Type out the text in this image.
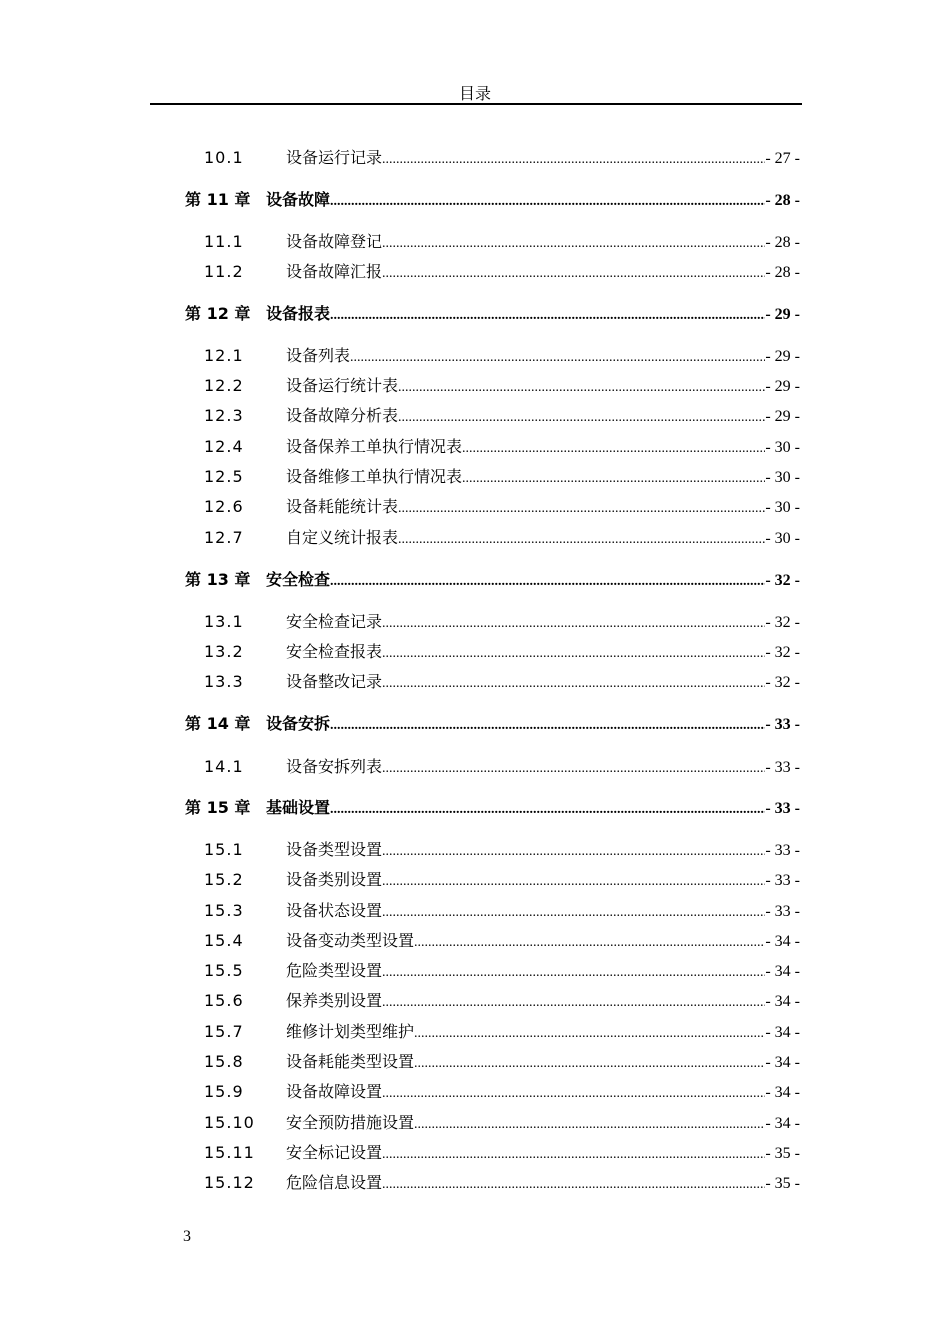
目录
10.1	设备运行记录 .....	- 27 -
第 11 章 设备故障 .....	- 28 -
11.1	设备故障登记 .....	- 28 -
11.2	设备故障汇报 .....	- 28 -
第 12 章 设备报表 .....	- 29 -
12.1	设备列表 .....	- 29 -
12.2	设备运行统计表 .....	- 29 -
12.3	设备故障分析表 .....	- 29 -
12.4	设备保养工单执行情况表 .....	- 30 -
12.5	设备维修工单执行情况表 .....	- 30 -
12.6	设备耗能统计表 .....	- 30 -
12.7	自定义统计报表 .....	- 30 -
第 13 章 安全检查 .....	- 32 -
13.1	安全检查记录 .....	- 32 -
13.2	安全检查报表 .....	- 32 -
13.3	设备整改记录 .....	- 32 -
第 14 章 设备安拆 .....	- 33 -
14.1	设备安拆列表 .....	- 33 -
第 15 章 基础设置 .....	- 33 -
15.1	设备类型设置 .....	- 33 -
15.2	设备类别设置 .....	- 33 -
15.3	设备状态设置 .....	- 33 -
15.4	设备变动类型设置 .....	- 34 -
15.5	危险类型设置 .....	- 34 -
15.6	保养类别设置 .....	- 34 -
15.7	维修计划类型维护 .....	- 34 -
15.8	设备耗能类型设置 .....	- 34 -
15.9	设备故障设置 .....	- 34 -
15.10	安全预防措施设置 .....	- 34 -
15.11	安全标记设置 .....	- 35 -
15.12	危险信息设置 .....	- 35 -
3
